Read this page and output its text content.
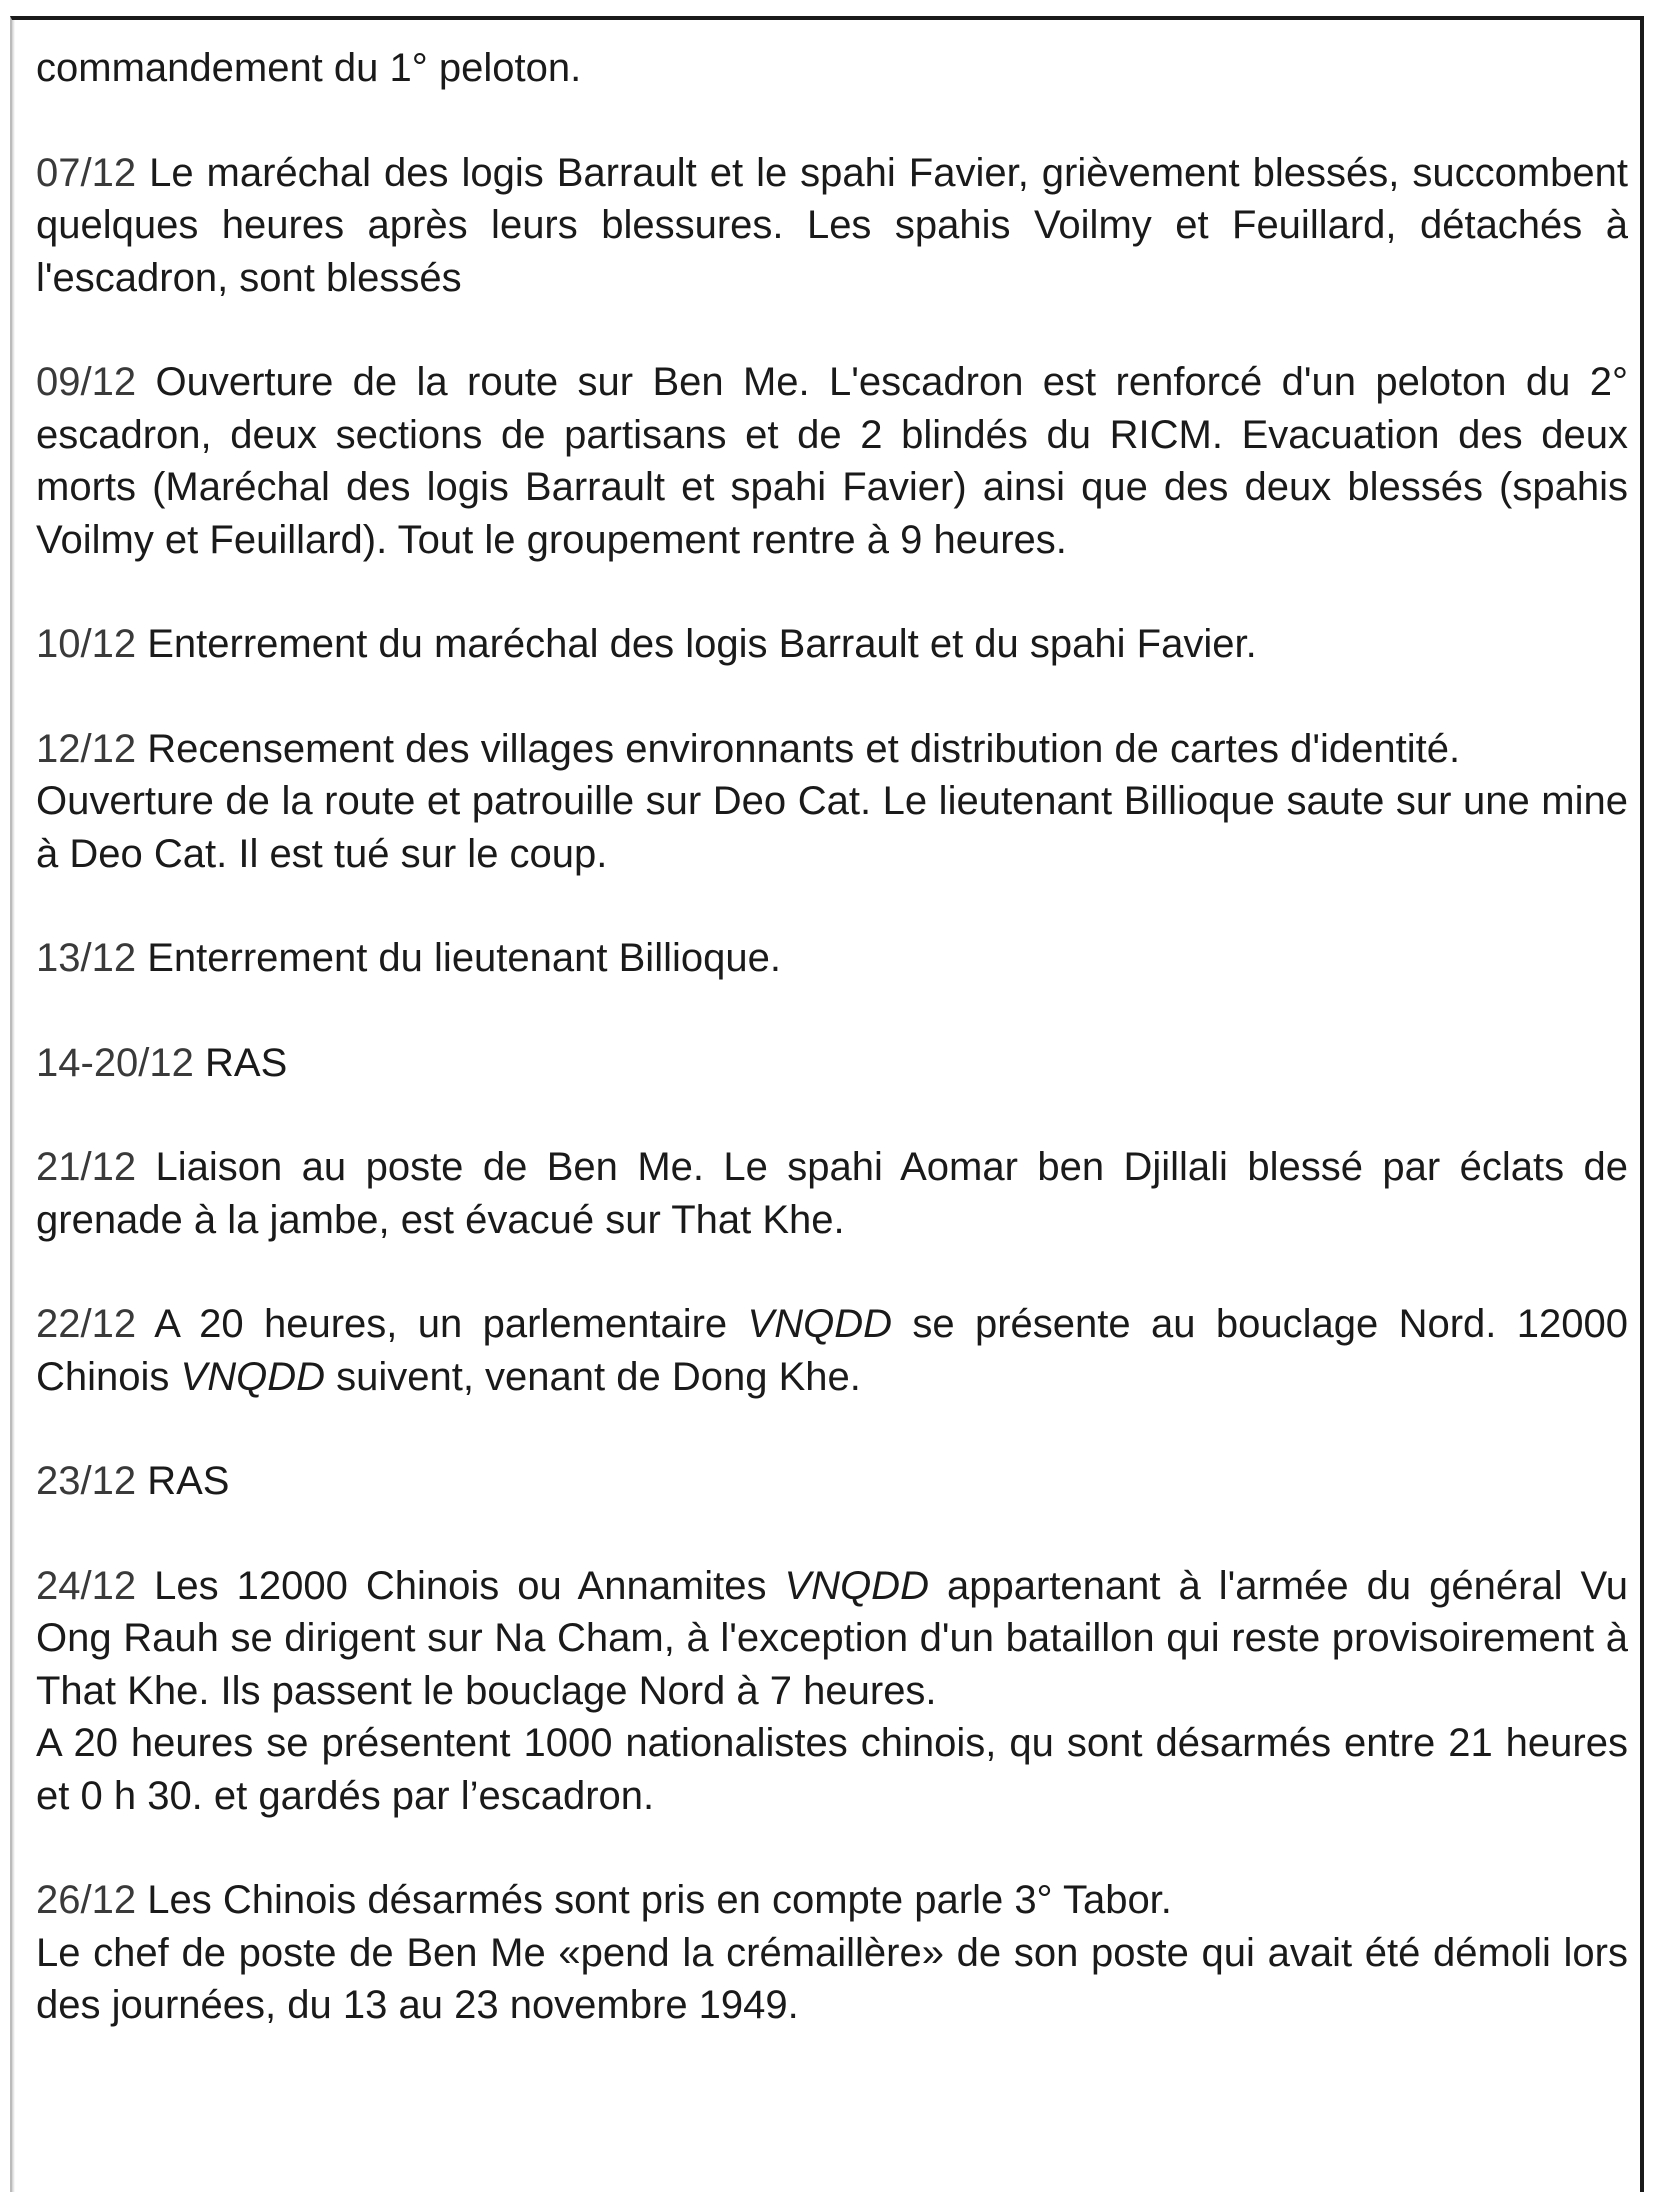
commandement du 1° peloton.

07/12 Le maréchal des logis Barrault et le spahi Favier, grièvement blessés, succombent quelques heures après leurs blessures. Les spahis Voilmy et Feuillard, détachés à l'escadron, sont blessés

09/12 Ouverture de la route sur Ben Me. L'escadron est renforcé d'un peloton du 2° escadron, deux sections de partisans et de 2 blindés du RICM. Evacuation des deux morts (Maréchal des logis Barrault et spahi Favier) ainsi que des deux blessés (spahis Voilmy et Feuillard). Tout le groupement rentre à 9 heures.

10/12 Enterrement du maréchal des logis Barrault et du spahi Favier.

12/12 Recensement des villages environnants et distribution de cartes d'identité.

Ouverture de la route et patrouille sur Deo Cat. Le lieutenant Billioque saute sur une mine à Deo Cat. Il est tué sur le coup.

13/12 Enterrement du lieutenant Billioque.

14-20/12 RAS

21/12 Liaison au poste de Ben Me. Le spahi Aomar ben Djillali blessé par éclats de grenade à la jambe, est évacué sur That Khe.

22/12 A 20 heures, un parlementaire VNQDD se présente au bouclage Nord. 12000 Chinois VNQDD suivent, venant de Dong Khe.

23/12 RAS

24/12 Les 12000 Chinois ou Annamites VNQDD appartenant à l'armée du général Vu Ong Rauh se dirigent sur Na Cham, à l'exception d'un bataillon qui reste provisoirement à That Khe. Ils passent le bouclage Nord à 7 heures.

A 20 heures se présentent 1000 nationalistes chinois, qu sont désarmés entre 21 heures et 0 h 30. et gardés par l’escadron.

26/12 Les Chinois désarmés sont pris en compte parle 3° Tabor.

Le chef de poste de Ben Me «pend la crémaillère» de son poste qui avait été démoli lors des journées, du 13 au 23 novembre 1949.
